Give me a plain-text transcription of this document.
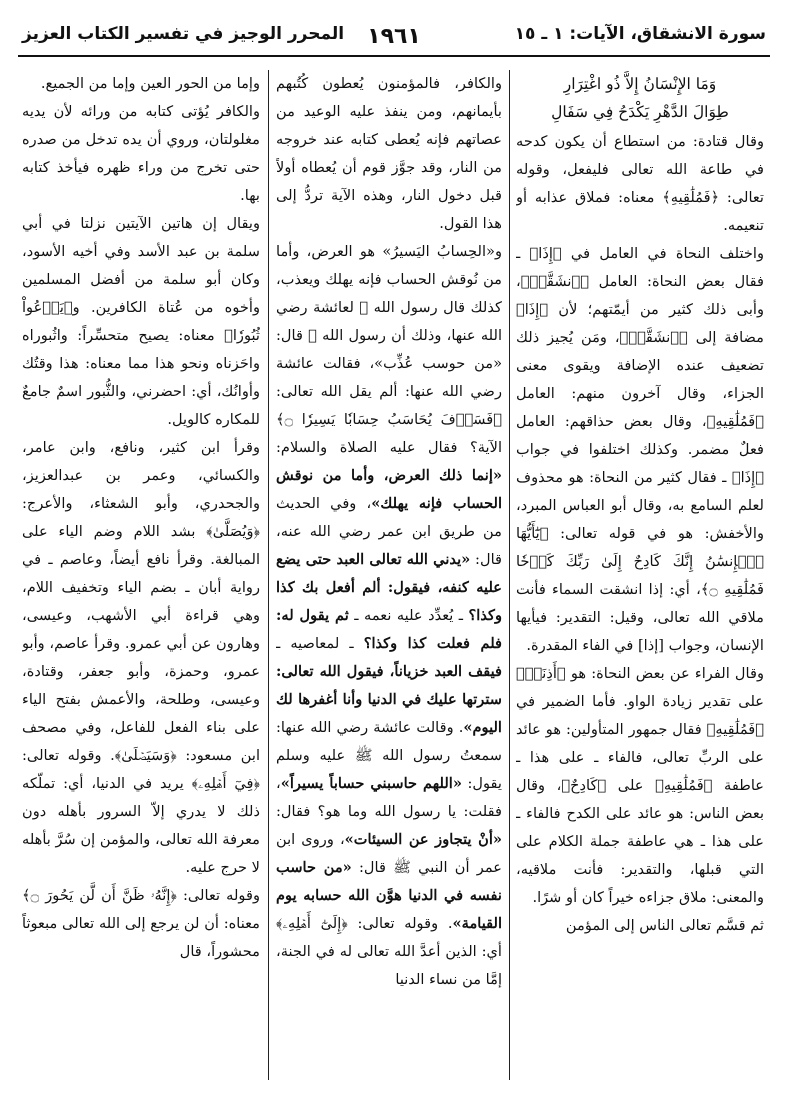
سورة الانشقاق، الآيات: ١ ـ ١٥
١٩٦١
المحرر الوجيز في تفسير الكتاب العزيز
وَمَا الإِنْسَانُ إِلاَّ ذُو اغْتِرَارِ
طِوَالَ الدَّهْرِ يَكْدَحُ فِي سَفَالِ

وقال قتادة: من استطاع أن يكون كدحه في طاعة الله تعالى فليفعل، وقوله تعالى: ﴿فَمُلَٰقِيهِ﴾ معناه: فملاق عذابه أو تنعيمه.

واختلف النحاة في العامل في ﴿إِذَا﴾ ـ فقال بعض النحاة: العامل ﴿ٱنشَقَّتۡ﴾، وأبى ذلك كثير من أيمّتهم؛ لأن ﴿إِذَا﴾ مضافة إلى ﴿ٱنشَقَّتۡ﴾، ومَن يُجيز ذلك تضعيف عنده الإضافة ويقوى معنى الجزاء، وقال آخرون منهم: العامل ﴿فَمُلَٰقِيهِ﴾، وقال بعض حذاقهم: العامل فعلٌ مضمر. وكذلك اختلفوا في جواب ﴿إِذَا﴾ ـ فقال كثير من النحاة: هو محذوف لعلم السامع به، وقال أبو العباس المبرد، والأخفش: هو في قوله تعالى: ﴿يَٰٓأَيُّهَا ٱلۡإِنسَٰنُ إِنَّكَ كَادِحٌ إِلَىٰ رَبِّكَ كَدۡحٗا فَمُلَٰقِيهِ ۝﴾، أي: إذا انشقت السماء فأنت ملاقي الله تعالى، وقيل: التقدير: فيأيها الإنسان، وجواب [إذا] في الفاء المقدرة.

وقال الفراء عن بعض النحاة: هو ﴿أَذِنَتۡ﴾ على تقدير زيادة الواو. فأما الضمير في ﴿فَمُلَٰقِيهِ﴾ فقال جمهور المتأولين: هو عائد على الربِّ تعالى، فالفاء ـ على هذا ـ عاطفة ﴿فَمُلَٰقِيهِ﴾ على ﴿كَادِحٌ﴾، وقال بعض الناس: هو عائد على الكدح فالفاء ـ على هذا ـ هي عاطفة جملة الكلام على التي قبلها، والتقدير: فأنت ملاقيه، والمعنى: ملاق جزاءه خيراً كان أو شرًا.

ثم قسَّم تعالى الناس إلى المؤمن

والكافر، فالمؤمنون يُعطون كُتُبهم بأيمانهم، ومن ينفذ عليه الوعيد من عصاتهم فإنه يُعطى كتابه عند خروجه من النار، وقد جوَّز قوم أن يُعطاه أولاً قبل دخول النار، وهذه الآية تردُّ إلى هذا القول.

و«الحِسابُ اليَسيرُ» هو العرض، وأما من نُوقش الحساب فإنه يهلك ويعذب، كذلك قال رسول الله ﷺ لعائشة رضي الله عنها، وذلك أن رسول الله ﷺ قال: «من حوسب عُذِّب»، فقالت عائشة رضي الله عنها: ألم يقل الله تعالى: ﴿فَسَوۡفَ يُحَاسَبُ حِسَابٗا يَسِيرٗا ۝﴾ الآية؟ فقال عليه الصلاة والسلام: «إنما ذلك العرض، وأما من نوقش الحساب فإنه يهلك»، وفي الحديث من طريق ابن عمر رضي الله عنه، قال: «يدني الله تعالى العبد حتى يضع عليه كنفه، فيقول: ألم أفعل بك كذا وكذا؟ ـ يُعدِّد عليه نعمه ـ ثم يقول له: فلم فعلت كذا وكذا؟ ـ لمعاصيه ـ فيقف العبد خزياناً، فيقول الله تعالى: سترتها عليك في الدنيا وأنا أغفرها لك اليوم». وقالت عائشة رضي الله عنها: سمعتُ رسول الله ﷺ عليه وسلم يقول: «اللهم حاسبني حساباً يسيراً»، فقلت: يا رسول الله وما هو؟ فقال: «أنْ يتجاوز عن السيئات»، وروى ابن عمر أن النبي ﷺ قال: «من حاسب نفسه في الدنيا هوَّن الله حسابه يوم القيامة». وقوله تعالى: ﴿إِلَىٰٓ أَهۡلِهِۦ﴾ أي: الذين أعدَّ الله تعالى له في الجنة، إمَّا من نساء الدنيا

وإما من الحور العين وإما من الجميع.

والكافر يُؤتى كتابه من ورائه لأن يديه مغلولتان، وروي أن يده تدخل من صدره حتى تخرج من وراء ظهره فيأخذ كتابه بها.

ويقال إن هاتين الآيتين نزلتا في أبي سلمة بن عبد الأسد وفي أخيه الأسود، وكان أبو سلمة من أفضل المسلمين وأخوه من عُتاة الكافرين. و﴿يَدۡعُواْ ثُبُورٗا﴾ معناه: يصيح متحسِّراً: واثُبوراه واحَزناه ونحو هذا مما معناه: هذا وقتُك وأوانُك، أي: احضرني، والثُّبور اسمٌ جامعٌ للمكاره كالويل.

وقرأ ابن كثير، ونافع، وابن عامر، والكسائي، وعمر بن عبدالعزيز، والجحدري، وأبو الشعثاء، والأعرج: ﴿وَيُصَلَّىٰ﴾ بشد اللام وضم الياء على المبالغة. وقرأ نافع أيضاً، وعاصم ـ في رواية أبان ـ بضم الياء وتخفيف اللام، وهي قراءة أبي الأشهب، وعيسى، وهارون عن أبي عمرو. وقرأ عاصم، وأبو عمرو، وحمزة، وأبو جعفر، وقتادة، وعيسى، وطلحة، والأعمش بفتح الياء على بناء الفعل للفاعل، وفي مصحف ابن مسعود: ﴿وَسَيَصۡلَىٰ﴾. وقوله تعالى: ﴿فِيٓ أَهۡلِهِۦ﴾ يريد في الدنيا، أي: تملّكه ذلك لا يدري إلاّ السرور بأهله دون معرفة الله تعالى، والمؤمن إن سُرَّ بأهله لا حرج عليه.

وقوله تعالى: ﴿إِنَّهُۥ ظَنَّ أَن لَّن يَحُورَ ۝﴾ معناه: أن لن يرجع إلى الله تعالى مبعوثاً محشوراً، قال
